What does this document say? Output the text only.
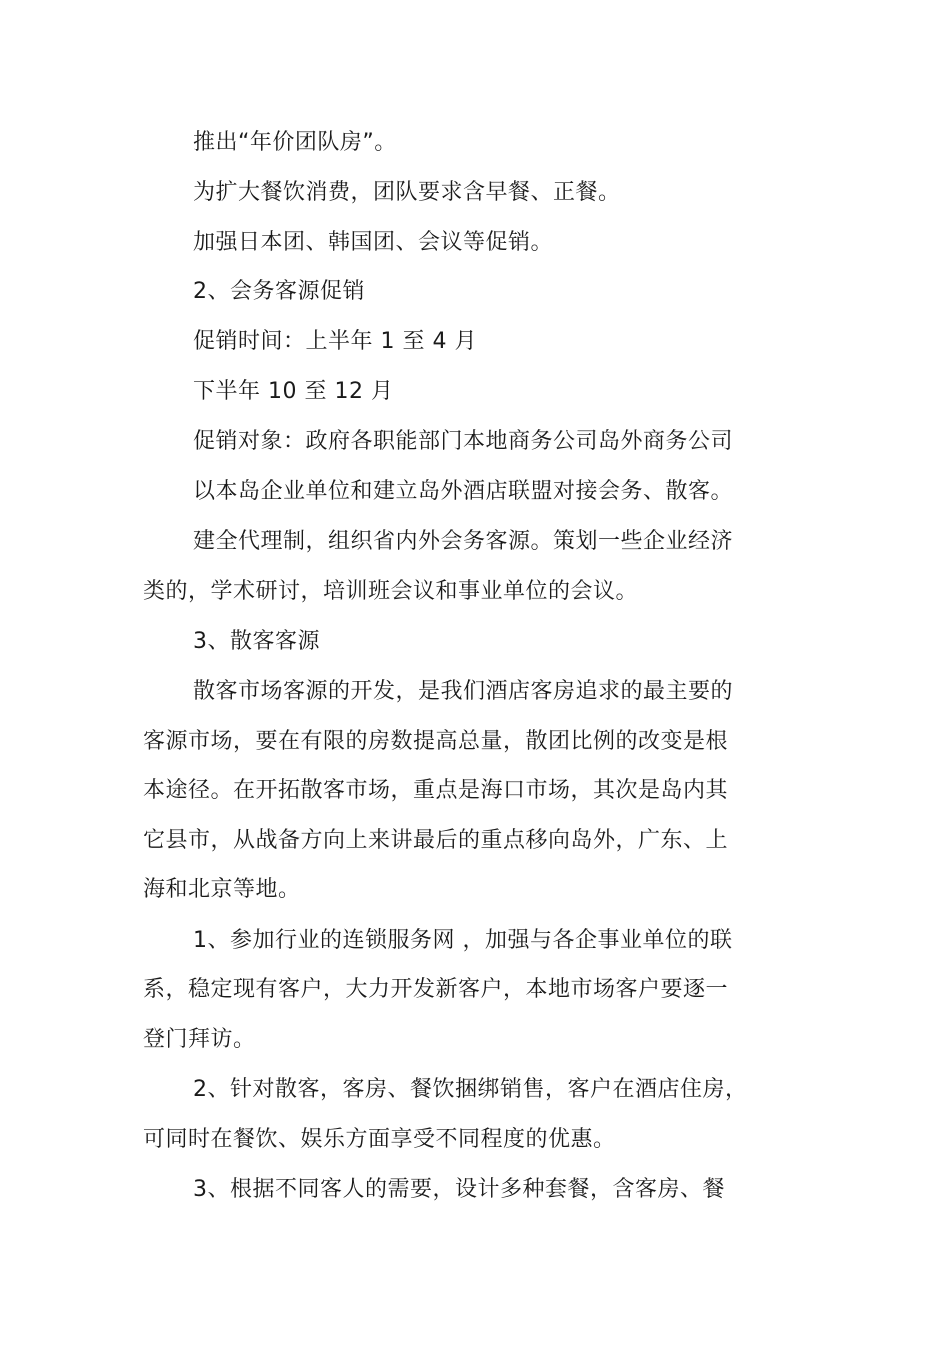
推出“年价团队房”。
为扩大餐饮消费，团队要求含早餐、正餐。
加强日本团、韩国团、会议等促销。
2、会务客源促销
促销时间：上半年 1 至 4 月
下半年 10 至 12 月
促销对象：政府各职能部门本地商务公司岛外商务公司
以本岛企业单位和建立岛外酒店联盟对接会务、散客。
建全代理制，组织省内外会务客源。策划一些企业经济
类的，学术研讨，培训班会议和事业单位的会议。
3、散客客源
散客市场客源的开发，是我们酒店客房追求的最主要的
客源市场，要在有限的房数提高总量，散团比例的改变是根
本途径。在开拓散客市场，重点是海口市场，其次是岛内其
它县市，从战备方向上来讲最后的重点移向岛外，广东、上
海和北京等地。
1、参加行业的连锁服务网 ，加强与各企事业单位的联
系，稳定现有客户，大力开发新客户，本地市场客户要逐一
登门拜访。
2、针对散客，客房、餐饮捆绑销售，客户在酒店住房，
可同时在餐饮、娱乐方面享受不同程度的优惠。
3、根据不同客人的需要，设计多种套餐，含客房、餐
